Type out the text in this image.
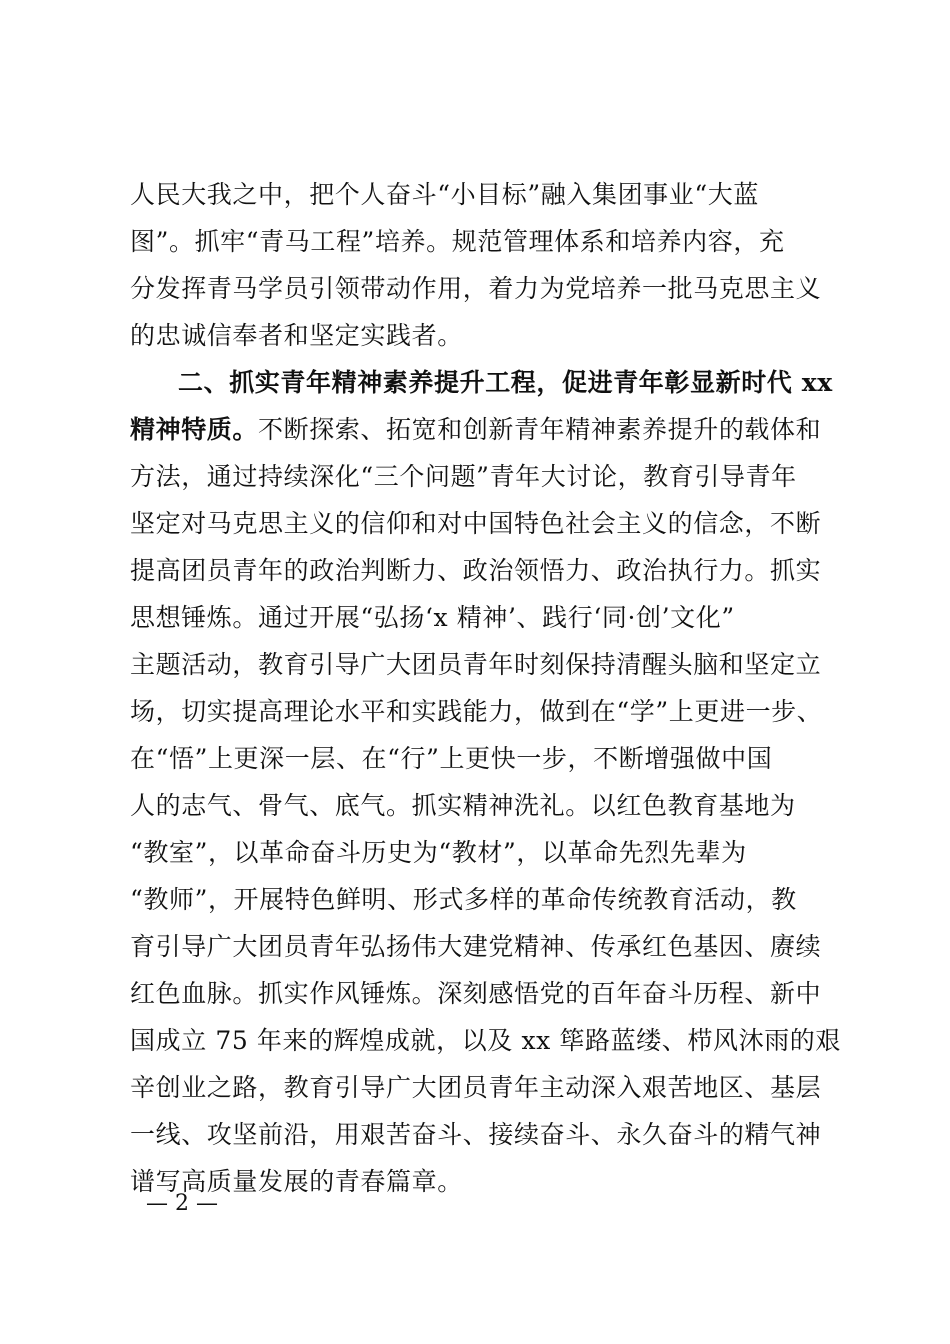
人民大我之中，把个人奋斗“小目标”融入集团事业“大蓝
图”。抓牢“青马工程”培养。规范管理体系和培养内容，充
分发挥青马学员引领带动作用，着力为党培养一批马克思主义
的忠诚信奉者和坚定实践者。
二、抓实青年精神素养提升工程，促进青年彰显新时代 xx
精神特质。不断探索、拓宽和创新青年精神素养提升的载体和
方法，通过持续深化“三个问题”青年大讨论，教育引导青年
坚定对马克思主义的信仰和对中国特色社会主义的信念，不断
提高团员青年的政治判断力、政治领悟力、政治执行力。抓实
思想锤炼。通过开展“弘扬‘x 精神’、践行‘同·创’文化”
主题活动，教育引导广大团员青年时刻保持清醒头脑和坚定立
场，切实提高理论水平和实践能力，做到在“学”上更进一步、
在“悟”上更深一层、在“行”上更快一步，不断增强做中国
人的志气、骨气、底气。抓实精神洗礼。以红色教育基地为
“教室”，以革命奋斗历史为“教材”，以革命先烈先辈为
“教师”，开展特色鲜明、形式多样的革命传统教育活动，教
育引导广大团员青年弘扬伟大建党精神、传承红色基因、赓续
红色血脉。抓实作风锤炼。深刻感悟党的百年奋斗历程、新中
国成立 75 年来的辉煌成就，以及 xx 筚路蓝缕、栉风沐雨的艰
辛创业之路，教育引导广大团员青年主动深入艰苦地区、基层
一线、攻坚前沿，用艰苦奋斗、接续奋斗、永久奋斗的精气神
谱写高质量发展的青春篇章。
— 2 —
